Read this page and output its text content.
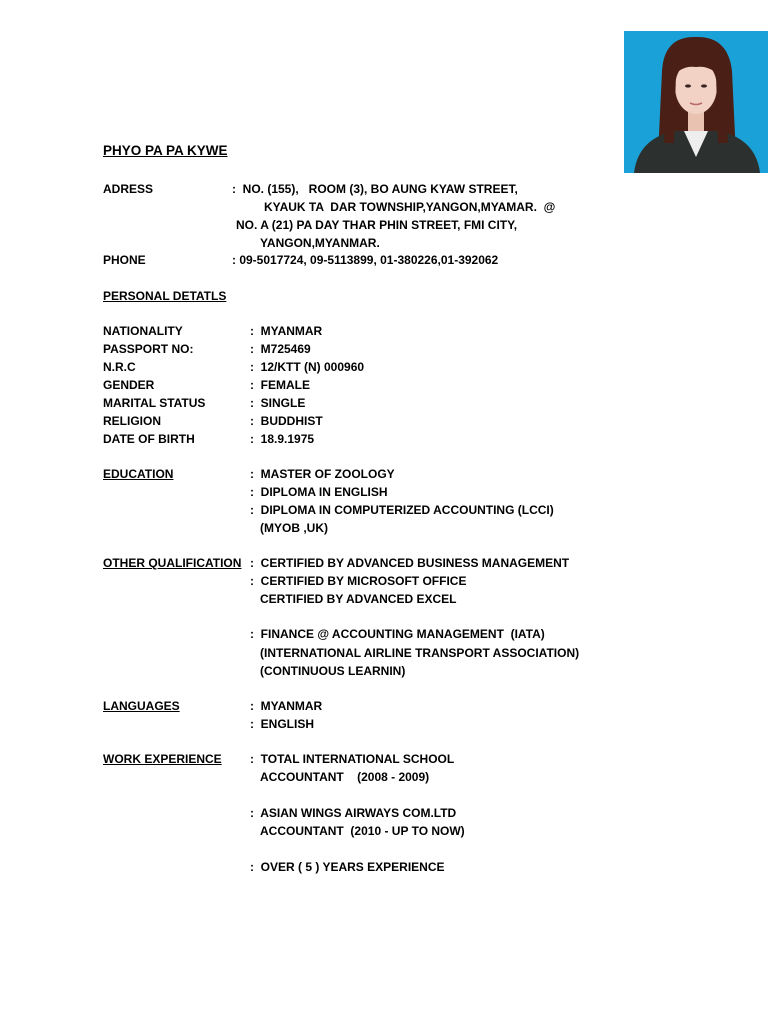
PHYO PA PA KYWE
ADRESS	:  NO. (155),   ROOM (3), BO AUNG KYAW STREET,
KYAUK TA  DAR TOWNSHIP,YANGON,MYAMAR.  @
NO. A (21) PA DAY THAR PHIN STREET, FMI CITY,
YANGON,MYANMAR.
PHONE	: 09-5017724, 09-5113899, 01-380226,01-392062
PERSONAL DETATLS
NATIONALITY	:  MYANMAR
PASSPORT NO:	:  M725469
N.R.C	:  12/KTT (N) 000960
GENDER	:  FEMALE
MARITAL STATUS	:  SINGLE
RELIGION	:  BUDDHIST
DATE OF BIRTH	:  18.9.1975
EDUCATION	:  MASTER OF ZOOLOGY
:  DIPLOMA IN ENGLISH
:  DIPLOMA IN COMPUTERIZED ACCOUNTING (LCCI)
(MYOB ,UK)
OTHER QUALIFICATION :  CERTIFIED BY ADVANCED BUSINESS MANAGEMENT
:  CERTIFIED BY MICROSOFT OFFICE
CERTIFIED BY ADVANCED EXCEL
:  FINANCE @ ACCOUNTING MANAGEMENT  (IATA)
(INTERNATIONAL AIRLINE TRANSPORT ASSOCIATION)
(CONTINUOUS LEARNIN)
LANGUAGES	:  MYANMAR
:  ENGLISH
WORK EXPERIENCE :  TOTAL INTERNATIONAL SCHOOL
ACCOUNTANT    (2008 - 2009)
:  ASIAN WINGS AIRWAYS COM.LTD
ACCOUNTANT  (2010 - UP TO NOW)
:  OVER ( 5 ) YEARS EXPERIENCE
